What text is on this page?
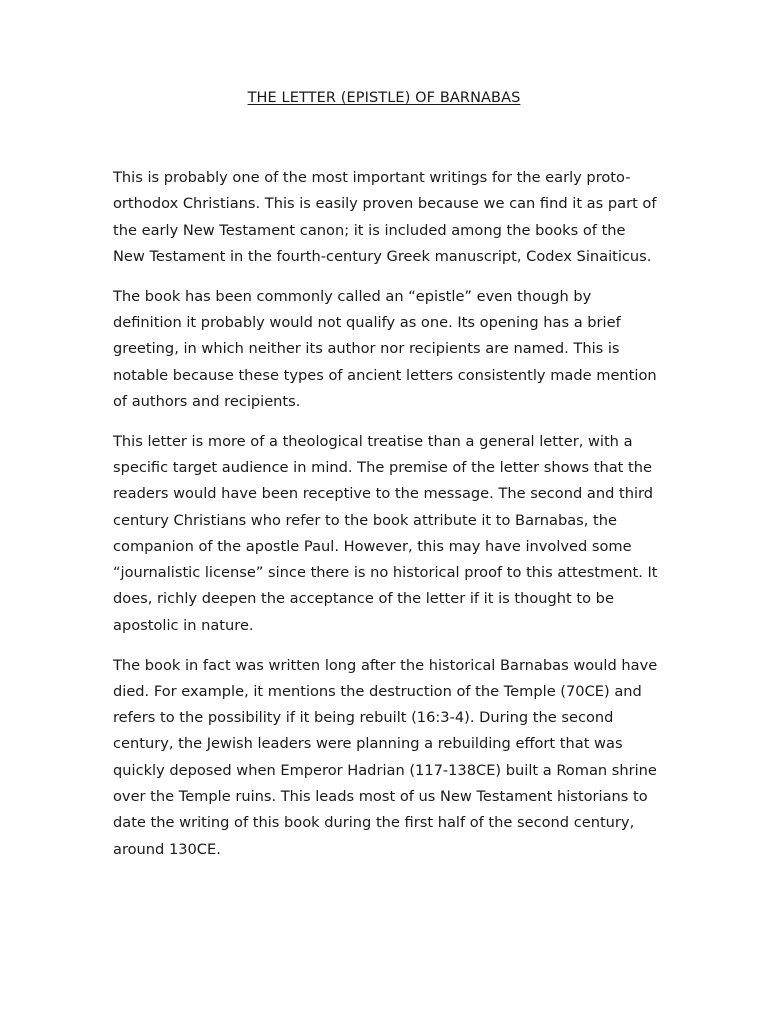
THE LETTER (EPISTLE) OF BARNABAS

This is probably one of the most important writings for the early proto-orthodox Christians. This is easily proven because we can find it as part of the early New Testament canon; it is included among the books of the New Testament in the fourth-century Greek manuscript, Codex Sinaiticus.

The book has been commonly called an “epistle” even though by definition it probably would not qualify as one. Its opening has a brief greeting, in which neither its author nor recipients are named. This is notable because these types of ancient letters consistently made mention of authors and recipients.

This letter is more of a theological treatise than a general letter, with a specific target audience in mind. The premise of the letter shows that the readers would have been receptive to the message. The second and third century Christians who refer to the book attribute it to Barnabas, the companion of the apostle Paul. However, this may have involved some “journalistic license” since there is no historical proof to this attestment. It does, richly deepen the acceptance of the letter if it is thought to be apostolic in nature.

The book in fact was written long after the historical Barnabas would have died. For example, it mentions the destruction of the Temple (70CE) and refers to the possibility if it being rebuilt (16:3-4). During the second century, the Jewish leaders were planning a rebuilding effort that was quickly deposed when Emperor Hadrian (117-138CE) built a Roman shrine over the Temple ruins. This leads most of us New Testament historians to date the writing of this book during the first half of the second century, around 130CE.
